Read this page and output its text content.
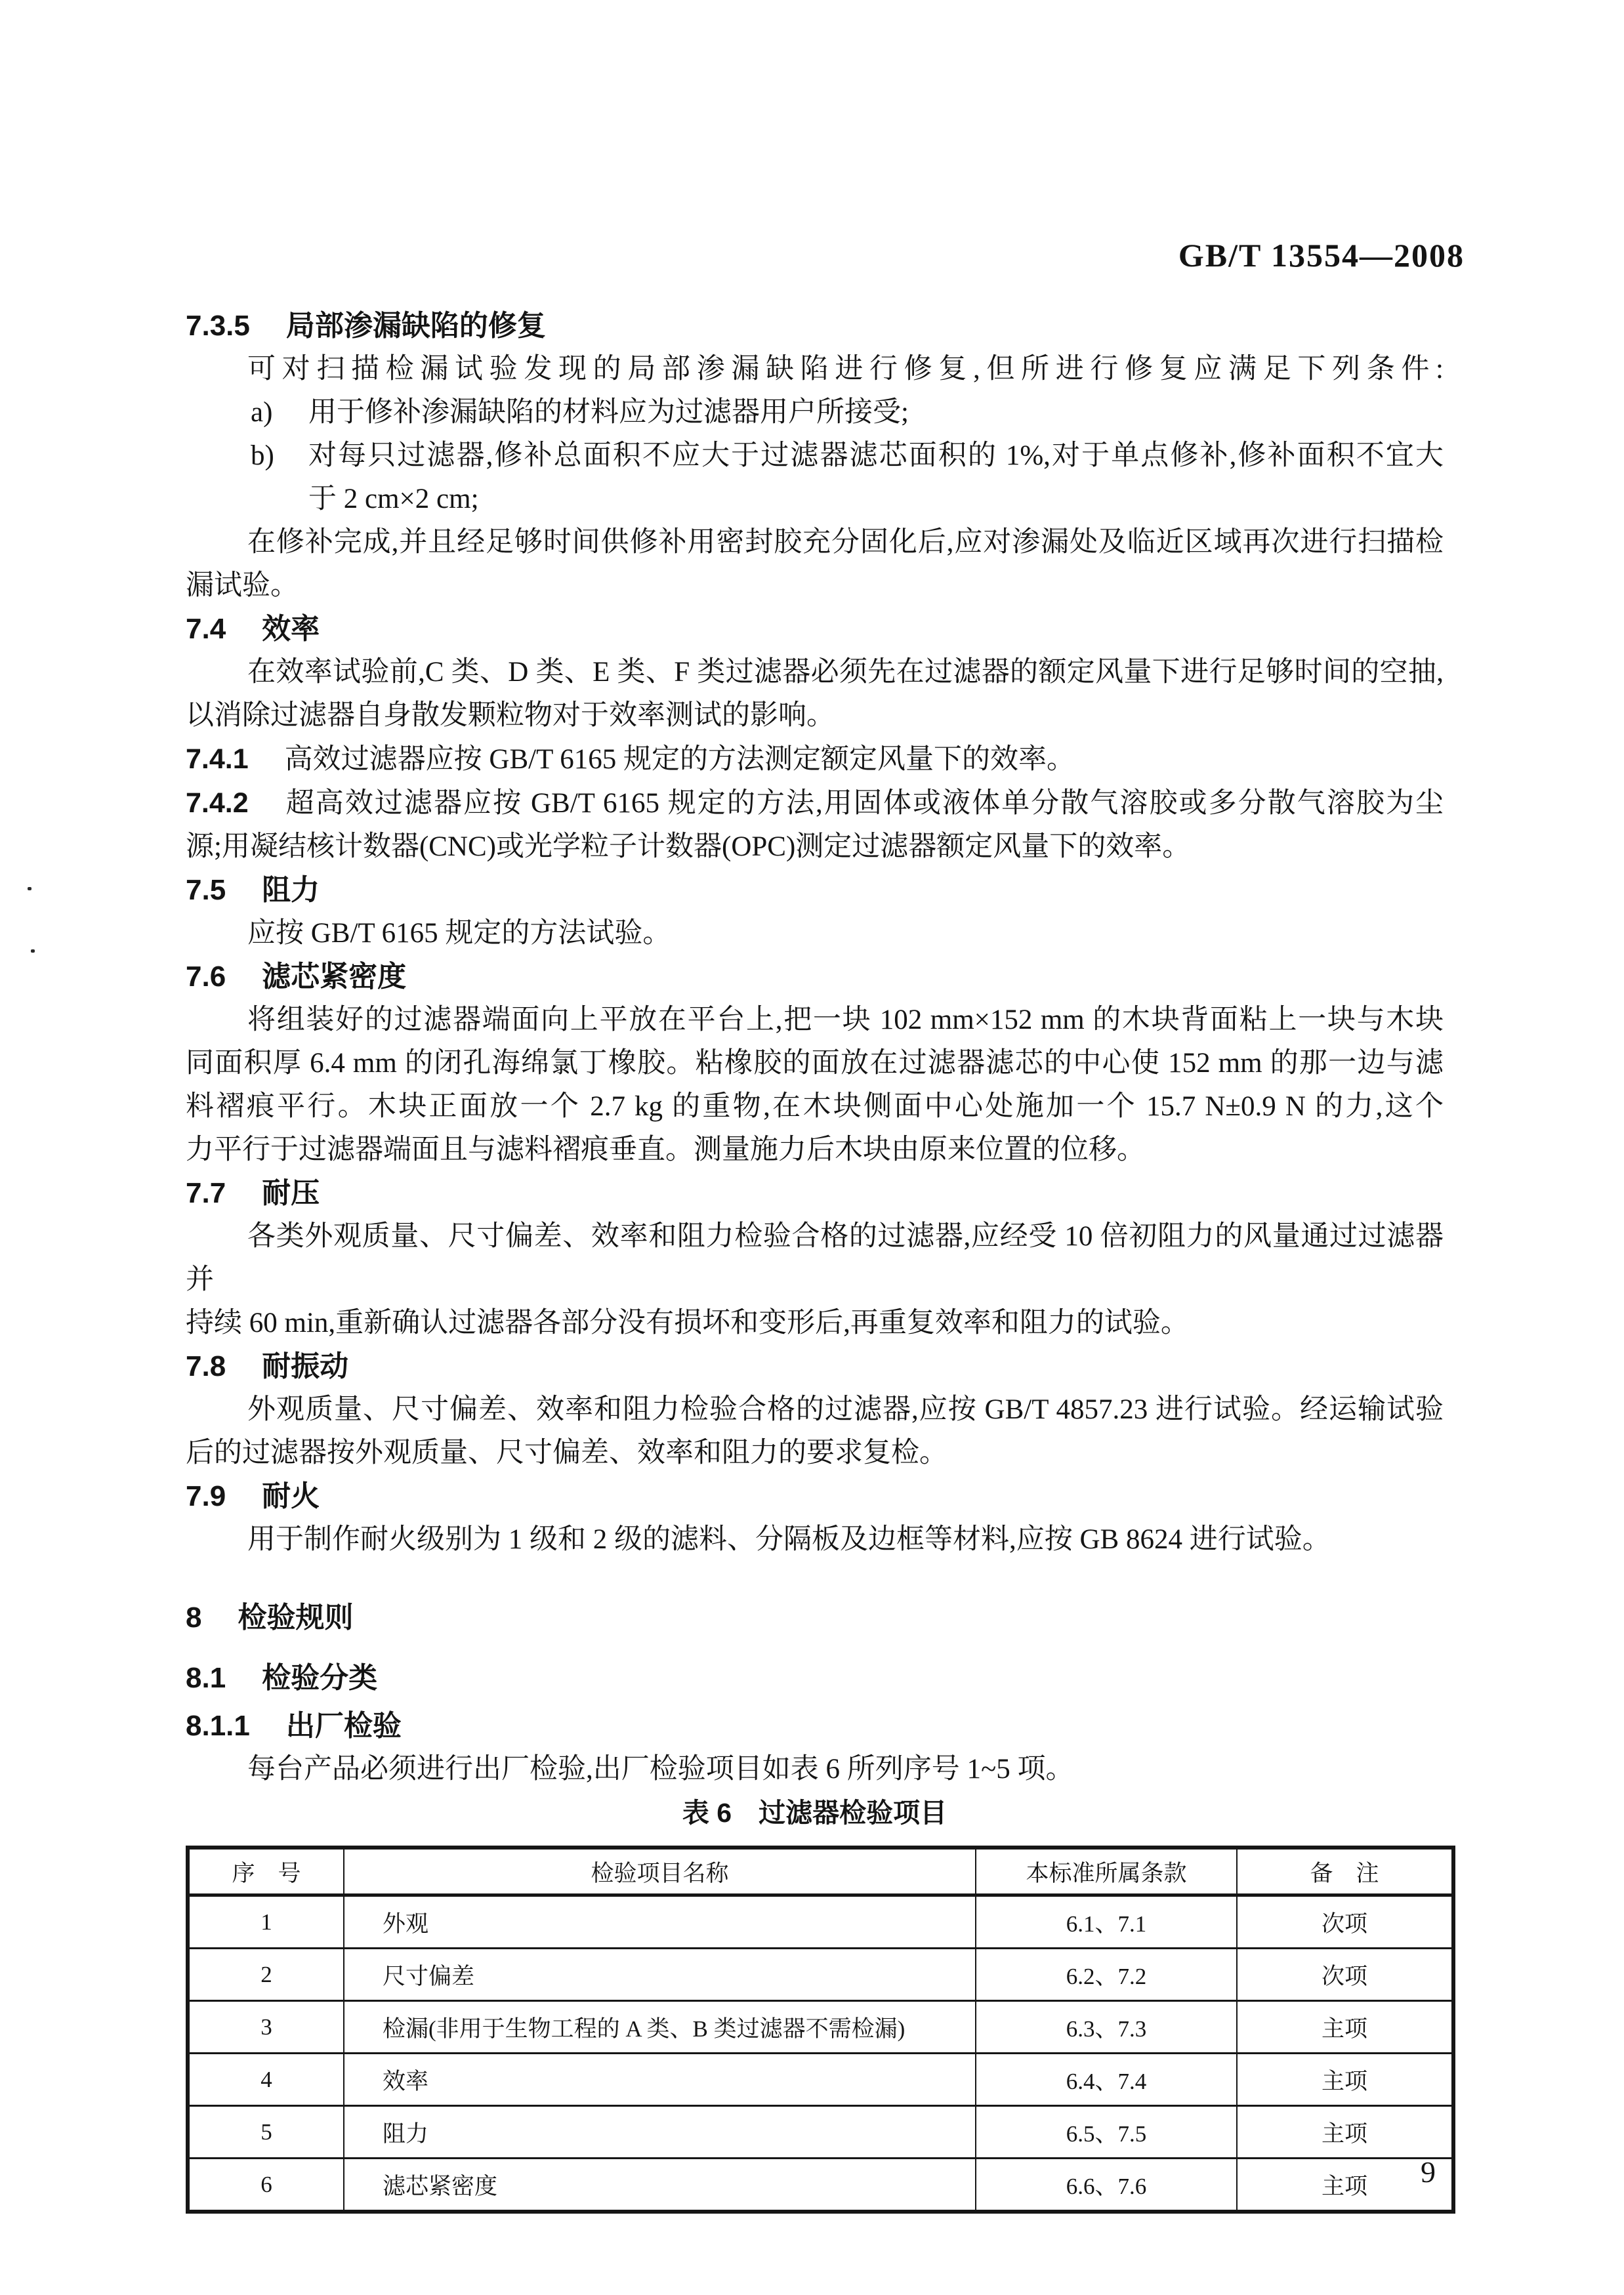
GB/T 13554—2008
7.3.5 局部渗漏缺陷的修复
可对扫描检漏试验发现的局部渗漏缺陷进行修复,但所进行修复应满足下列条件:
a) 用于修补渗漏缺陷的材料应为过滤器用户所接受;
b) 对每只过滤器,修补总面积不应大于过滤器滤芯面积的 1%,对于单点修补,修补面积不宜大
于 2 cm×2 cm;
在修补完成,并且经足够时间供修补用密封胶充分固化后,应对渗漏处及临近区域再次进行扫描检
漏试验。
7.4 效率
在效率试验前,C 类、D 类、E 类、F 类过滤器必须先在过滤器的额定风量下进行足够时间的空抽,
以消除过滤器自身散发颗粒物对于效率测试的影响。
7.4.1 高效过滤器应按 GB/T 6165 规定的方法测定额定风量下的效率。
7.4.2 超高效过滤器应按 GB/T 6165 规定的方法,用固体或液体单分散气溶胶或多分散气溶胶为尘
源;用凝结核计数器(CNC)或光学粒子计数器(OPC)测定过滤器额定风量下的效率。
7.5 阻力
应按 GB/T 6165 规定的方法试验。
7.6 滤芯紧密度
将组装好的过滤器端面向上平放在平台上,把一块 102 mm×152 mm 的木块背面粘上一块与木块
同面积厚 6.4 mm 的闭孔海绵氯丁橡胶。粘橡胶的面放在过滤器滤芯的中心使 152 mm 的那一边与滤
料褶痕平行。木块正面放一个 2.7 kg 的重物,在木块侧面中心处施加一个 15.7 N±0.9 N 的力,这个
力平行于过滤器端面且与滤料褶痕垂直。测量施力后木块由原来位置的位移。
7.7 耐压
各类外观质量、尺寸偏差、效率和阻力检验合格的过滤器,应经受 10 倍初阻力的风量通过过滤器并
持续 60 min,重新确认过滤器各部分没有损坏和变形后,再重复效率和阻力的试验。
7.8 耐振动
外观质量、尺寸偏差、效率和阻力检验合格的过滤器,应按 GB/T 4857.23 进行试验。经运输试验
后的过滤器按外观质量、尺寸偏差、效率和阻力的要求复检。
7.9 耐火
用于制作耐火级别为 1 级和 2 级的滤料、分隔板及边框等材料,应按 GB 8624 进行试验。
8 检验规则
8.1 检验分类
8.1.1 出厂检验
每台产品必须进行出厂检验,出厂检验项目如表 6 所列序号 1~5 项。
表 6　过滤器检验项目
序　号	检验项目名称	本标准所属条款	备　注
1	外观	6.1、7.1	次项
2	尺寸偏差	6.2、7.2	次项
3	检漏(非用于生物工程的 A 类、B 类过滤器不需检漏)	6.3、7.3	主项
4	效率	6.4、7.4	主项
5	阻力	6.5、7.5	主项
6	滤芯紧密度	6.6、7.6	主项 9
